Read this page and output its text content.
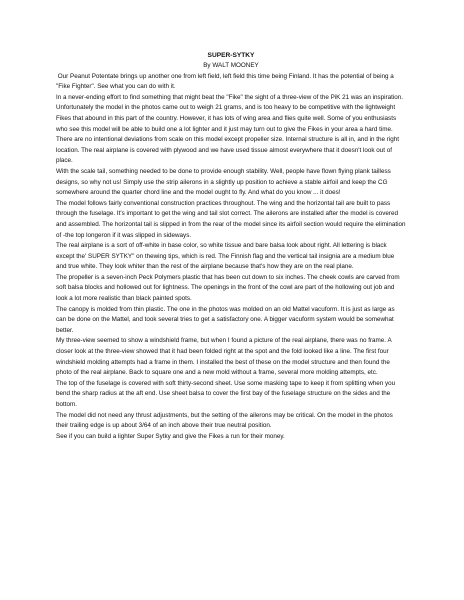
SUPER-SYTKY

By WALT MOONEY

Our Peanut Potentate brings up another one from left field, left field this time being Finland. It has the potential of being a "Fike Fighter". See what you can do with it.

In a never-ending effort to find something that might beat the "Fike" the sight of a three-view of the PiK 21 was an inspiration. Unfortunately the model in the photos came out to weigh 21 grams, and is too heavy to be competitive with the lightweight Fikes that abound in this part of the country. However, it has lots of wing area and flies quite well. Some of you enthusiasts who see this model will be able to build one a lot lighter and it just may turn out to give the Fikes in your area a hard time.

There are no intentional deviations from scale on this model except propeller size. Internal structure is all in, and in the right location. The real airplane is covered with plywood and we have used tissue almost everywhere that it doesn't look out of place.

With the scale tail, something needed to be done to provide enough stability. Well, people have flown flying plank tailless designs, so why not us! Simply use the strip ailerons in a slightly up position to achieve a stable airfoil and keep the CG somewhere around the quarter chord line and the model ought to fly. And what do you know ... it does!

The model follows fairly conventional construction practices throughout. The wing and the horizontal tail are built to pass through the fuselage. It's important to get the wing and tail slot correct. The ailerons are installed after the model is covered and assembled. The horizontal tail is slipped in from the rear of the model since its airfoil section would require the elimination of -the top longeron if it was slipped in sideways.

The real airplane is a sort of off-white in base color, so white tissue and bare balsa look about right. All lettering is black except the' SUPER SYTKY" on thewing tips, which is red. The Finnish flag and the vertical tail insignia are a medium blue and true white. They look whiter than the rest of the airplane because that's how they are on the real plane.

The propeller is a seven-inch Peck Polymers plastic that has been cut down to six inches. The cheek cowls are carved from soft balsa blocks and hollowed out for lightness. The openings in the front of the cowl are part of the hollowing out job and look a lot more realistic than black painted spots.

The canopy is molded from thin plastic. The one in the photos was molded on an old Mattel vacuform. It is just as large as can be done on the Mattel, and took several tries to get a satisfactory one. A bigger vacuform system would be somewhat better.

My three-view seemed to show a windshield frame, but when I found a picture of the real airplane, there was no frame. A closer look at the three-view showed that it had been folded right at the spot and the fold looked like a line. The first four windshield molding attempts had a frame in them. I installed the best of these on the model structure and then found the photo of the real airplane. Back to square one and a new mold without a frame, several more molding attempts, etc.

The top of the fuselage is covered with soft thirty-second sheet. Use some masking tape to keep it from splitting when you bend the sharp radius at the aft end. Use sheet balsa to cover the first bay of the fuselage structure on the sides and the bottom.

The model did not need any thrust adjustments, but the setting of the ailerons may be critical. On the model in the photos their trailing edge is up about 3/64 of an inch above their true neutral position.

See if you can build a lighter Super Sytky and give the Fikes a run for their money.
